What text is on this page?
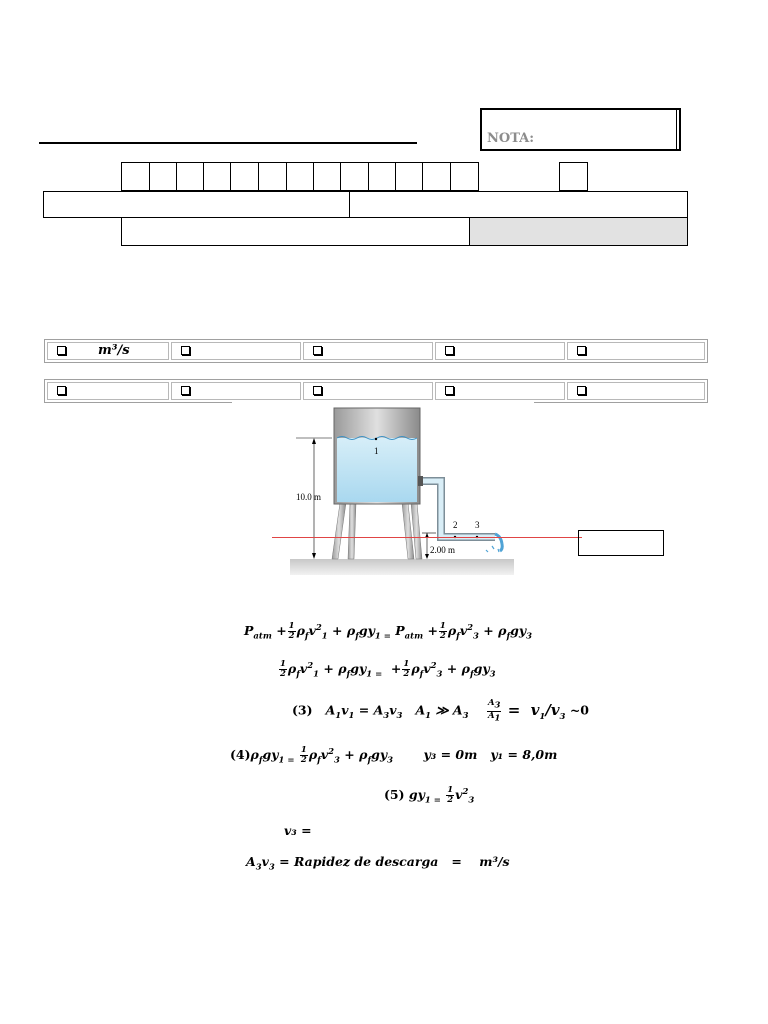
NOTA:
m³/s
10.0 m
2.00 m
1
2 3
$P_{atm} + \frac{1}{2} \rho_fv^2_1 + \rho_fgy_{1 =}$ $P_{atm} + \frac{1}{2} \rho_fv^2_3 + \rho_fgy_3$
$\frac{1}{2} \rho_fv^2_1 + \rho_fgy_{1 =} + \frac{1}{2} \rho_fv^2_3 + \rho_fgy_3$
(3)   $A_1v_1 = A_3v_3$   $A_1$ ≫ $A_3 \frac{A_3}{A_1} = v_1/v_3$ ~0
$(4)\rho_fgy_{1 =} \frac{1}{2} \rho_fv^2_3 + \rho_fgy_3$ y₃ = 0m y₁ = 8,0m
(5) $gy_{1 =} \frac{1}{2} v^2_3$
v₃ =
$A_3v_3$ = Rapidez de descarga   =    m³/s
